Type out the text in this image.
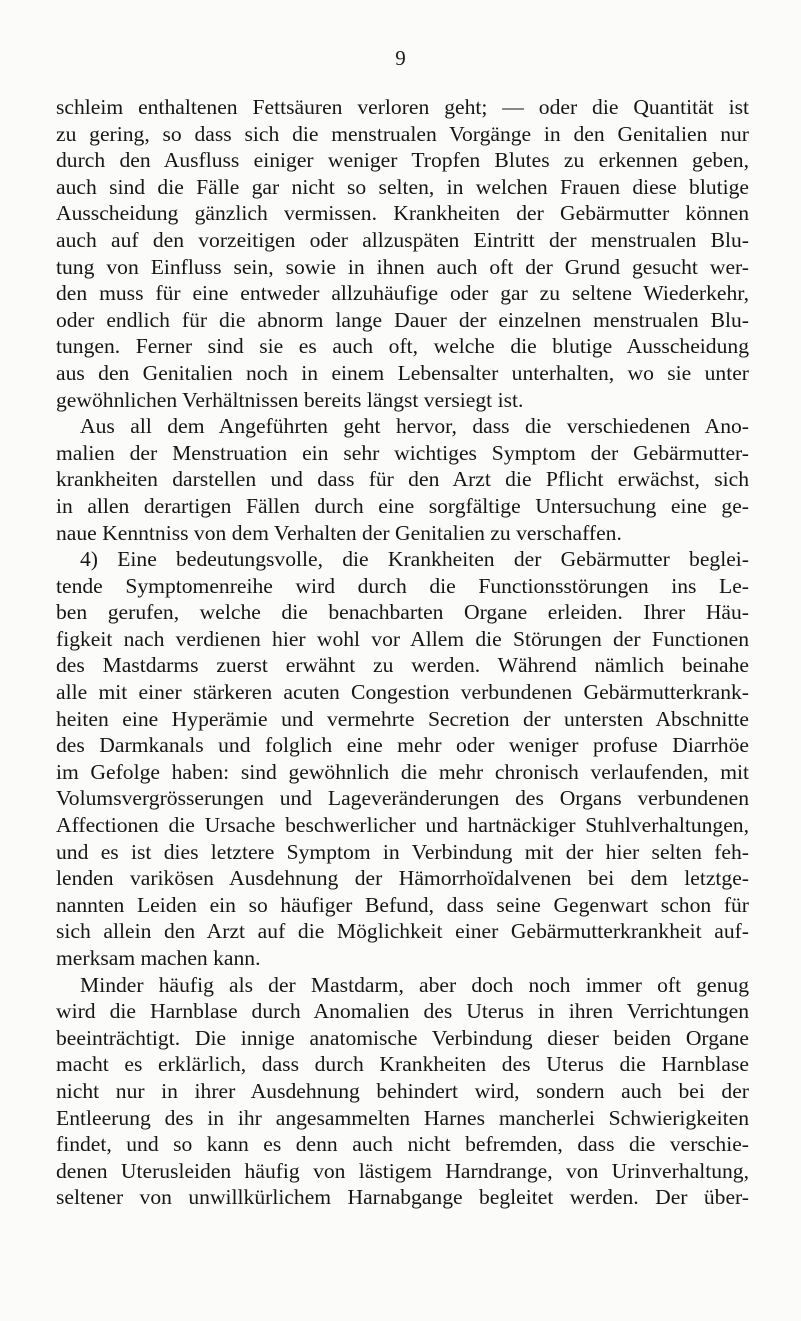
9
schleim enthaltenen Fettsäuren verloren geht; — oder die Quantität ist
zu gering, so dass sich die menstrualen Vorgänge in den Genitalien nur
durch den Ausfluss einiger weniger Tropfen Blutes zu erkennen geben,
auch sind die Fälle gar nicht so selten, in welchen Frauen diese blutige
Ausscheidung gänzlich vermissen. Krankheiten der Gebärmutter können
auch auf den vorzeitigen oder allzuspäten Eintritt der menstrualen Blu-
tung von Einfluss sein, sowie in ihnen auch oft der Grund gesucht wer-
den muss für eine entweder allzuhäufige oder gar zu seltene Wiederkehr,
oder endlich für die abnorm lange Dauer der einzelnen menstrualen Blu-
tungen. Ferner sind sie es auch oft, welche die blutige Ausscheidung
aus den Genitalien noch in einem Lebensalter unterhalten, wo sie unter
gewöhnlichen Verhältnissen bereits längst versiegt ist.
Aus all dem Angeführten geht hervor, dass die verschiedenen Ano-
malien der Menstruation ein sehr wichtiges Symptom der Gebärmutter-
krankheiten darstellen und dass für den Arzt die Pflicht erwächst, sich
in allen derartigen Fällen durch eine sorgfältige Untersuchung eine ge-
naue Kenntniss von dem Verhalten der Genitalien zu verschaffen.
4) Eine bedeutungsvolle, die Krankheiten der Gebärmutter beglei-
tende Symptomenreihe wird durch die Functionsstörungen ins Le-
ben gerufen, welche die benachbarten Organe erleiden. Ihrer Häu-
figkeit nach verdienen hier wohl vor Allem die Störungen der Functionen
des Mastdarms zuerst erwähnt zu werden. Während nämlich beinahe
alle mit einer stärkeren acuten Congestion verbundenen Gebärmutterkrank-
heiten eine Hyperämie und vermehrte Secretion der untersten Abschnitte
des Darmkanals und folglich eine mehr oder weniger profuse Diarrhöe
im Gefolge haben: sind gewöhnlich die mehr chronisch verlaufenden, mit
Volumsvergrösserungen und Lageveränderungen des Organs verbundenen
Affectionen die Ursache beschwerlicher und hartnäckiger Stuhlverhaltungen,
und es ist dies letztere Symptom in Verbindung mit der hier selten feh-
lenden varikösen Ausdehnung der Hämorrhoïdalvenen bei dem letztge-
nannten Leiden ein so häufiger Befund, dass seine Gegenwart schon für
sich allein den Arzt auf die Möglichkeit einer Gebärmutterkrankheit auf-
merksam machen kann.
Minder häufig als der Mastdarm, aber doch noch immer oft genug
wird die Harnblase durch Anomalien des Uterus in ihren Verrichtungen
beeinträchtigt. Die innige anatomische Verbindung dieser beiden Organe
macht es erklärlich, dass durch Krankheiten des Uterus die Harnblase
nicht nur in ihrer Ausdehnung behindert wird, sondern auch bei der
Entleerung des in ihr angesammelten Harnes mancherlei Schwierigkeiten
findet, und so kann es denn auch nicht befremden, dass die verschie-
denen Uterusleiden häufig von lästigem Harndrange, von Urinverhaltung,
seltener von unwillkürlichem Harnabgange begleitet werden. Der über-
